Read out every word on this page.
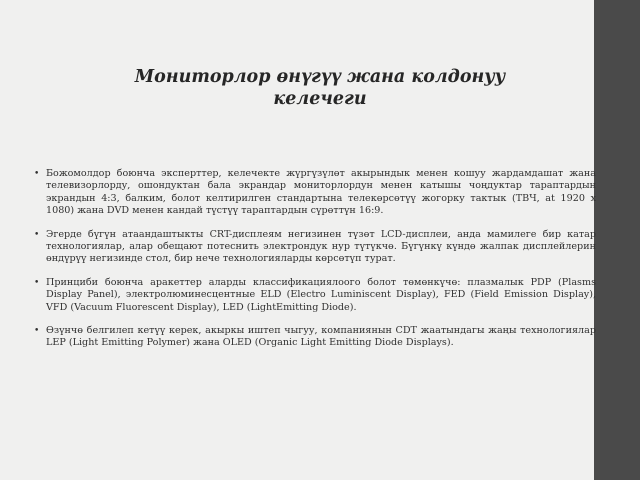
Мониторлор өнүгүү жана колдонуу
келечеги

• Божомолдор боюнча эксперттер, келечекте жүргүзүлөт акырындык менен кошуу жардамдашат жана телевизорлорду, ошондуктан бала экрандар мониторлордун менен катышы чоңдуктар тараптардын экрандын 4:3, балким, болот келтирилген стандартына телекөрсөтүү жогорку тактык (ТВЧ, at 1920 х 1080) жана DVD менен кандай түстүү тараптардын сүрөттүн 16:9.

• Эгерде бүгүн атаандаштыкты CRT-дисплеям негизинен түзөт LCD-дисплеи, анда мамилеге бир катар технологиялар, алар обещают потеснить электрондук нур түтүкчө. Бүгүнкү күндө жалпак дисплейлерин өндүрүү негизинде стол, бир нече технологияларды көрсөтүп турат.

• Принциби боюнча аракеттер аларды классификациялоого болот төмөнкүчө: плазмалык PDP (Plasms Display Panel), электролюминесцентные ELD (Electro Luminiscent Display), FED (Field Emission Display), VFD (Vacuum Fluorescent Display), LED (LightEmitting Diode).

• Өзүнчө белгилеп кетүү керек, акыркы иштеп чыгуу, компаниянын CDT жаатындагы жаңы технологиялар LEP (Light Emitting Polymer) жана OLED (Organic Light Emitting Diode Displays).
